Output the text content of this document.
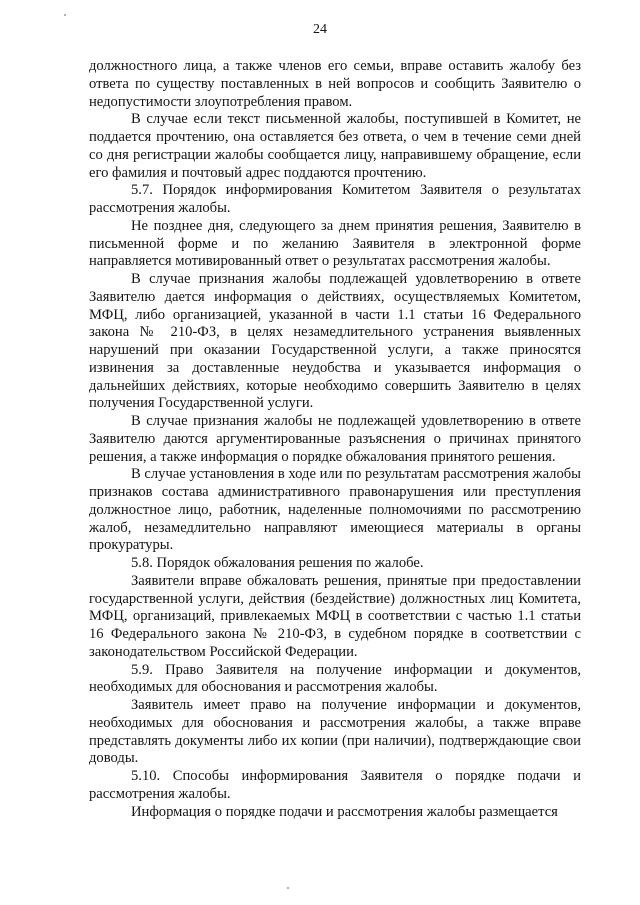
24

должностного лица, а также членов его семьи, вправе оставить жалобу без ответа по существу поставленных в ней вопросов и сообщить Заявителю о недопустимости злоупотребления правом.

В случае если текст письменной жалобы, поступившей в Комитет, не поддается прочтению, она оставляется без ответа, о чем в течение семи дней со дня регистрации жалобы сообщается лицу, направившему обращение, если его фамилия и почтовый адрес поддаются прочтению.

5.7. Порядок информирования Комитетом Заявителя о результатах рассмотрения жалобы.

Не позднее дня, следующего за днем принятия решения, Заявителю в письменной форме и по желанию Заявителя в электронной форме направляется мотивированный ответ о результатах рассмотрения жалобы.

В случае признания жалобы подлежащей удовлетворению в ответе Заявителю дается информация о действиях, осуществляемых Комитетом, МФЦ, либо организацией, указанной в части 1.1 статьи 16 Федерального закона № 210-ФЗ, в целях незамедлительного устранения выявленных нарушений при оказании Государственной услуги, а также приносятся извинения за доставленные неудобства и указывается информация о дальнейших действиях, которые необходимо совершить Заявителю в целях получения Государственной услуги.

В случае признания жалобы не подлежащей удовлетворению в ответе Заявителю даются аргументированные разъяснения о причинах принятого решения, а также информация о порядке обжалования принятого решения.

В случае установления в ходе или по результатам рассмотрения жалобы признаков состава административного правонарушения или преступления должностное лицо, работник, наделенные полномочиями по рассмотрению жалоб, незамедлительно направляют имеющиеся материалы в органы прокуратуры.

5.8. Порядок обжалования решения по жалобе.

Заявители вправе обжаловать решения, принятые при предоставлении государственной услуги, действия (бездействие) должностных лиц Комитета, МФЦ, организаций, привлекаемых МФЦ в соответствии с частью 1.1 статьи 16 Федерального закона № 210-ФЗ, в судебном порядке в соответствии с законодательством Российской Федерации.

5.9. Право Заявителя на получение информации и документов, необходимых для обоснования и рассмотрения жалобы.

Заявитель имеет право на получение информации и документов, необходимых для обоснования и рассмотрения жалобы, а также вправе представлять документы либо их копии (при наличии), подтверждающие свои доводы.

5.10. Способы информирования Заявителя о порядке подачи и рассмотрения жалобы.

Информация о порядке подачи и рассмотрения жалобы размещается
